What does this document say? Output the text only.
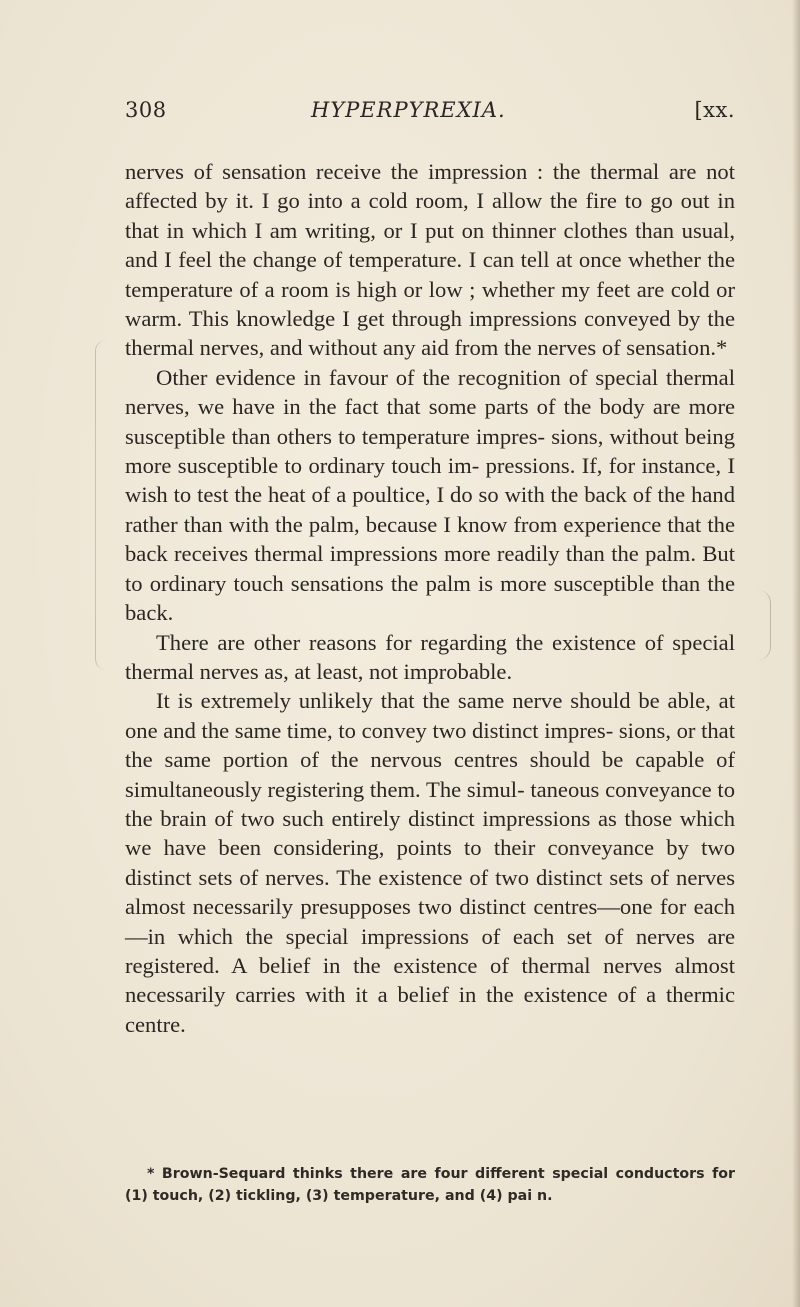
308	HYPERPYREXIA.	[xx.

nerves of sensation receive the impression : the thermal are not affected by it. I go into a cold room, I allow the fire to go out in that in which I am writing, or I put on thinner clothes than usual, and I feel the change of temperature. I can tell at once whether the temperature of a room is high or low ; whether my feet are cold or warm. This knowledge I get through impressions conveyed by the thermal nerves, and without any aid from the nerves of sensation.*

Other evidence in favour of the recognition of special thermal nerves, we have in the fact that some parts of the body are more susceptible than others to temperature impres- sions, without being more susceptible to ordinary touch im- pressions. If, for instance, I wish to test the heat of a poultice, I do so with the back of the hand rather than with the palm, because I know from experience that the back receives thermal impressions more readily than the palm. But to ordinary touch sensations the palm is more susceptible than the back.

There are other reasons for regarding the existence of special thermal nerves as, at least, not improbable.

It is extremely unlikely that the same nerve should be able, at one and the same time, to convey two distinct impres- sions, or that the same portion of the nervous centres should be capable of simultaneously registering them. The simul- taneous conveyance to the brain of two such entirely distinct impressions as those which we have been considering, points to their conveyance by two distinct sets of nerves. The existence of two distinct sets of nerves almost necessarily presupposes two distinct centres—one for each—in which the special impressions of each set of nerves are registered. A belief in the existence of thermal nerves almost necessarily carries with it a belief in the existence of a thermic centre.

* Brown-Sequard thinks there are four different special conductors for (1) touch, (2) tickling, (3) temperature, and (4) pai n.
